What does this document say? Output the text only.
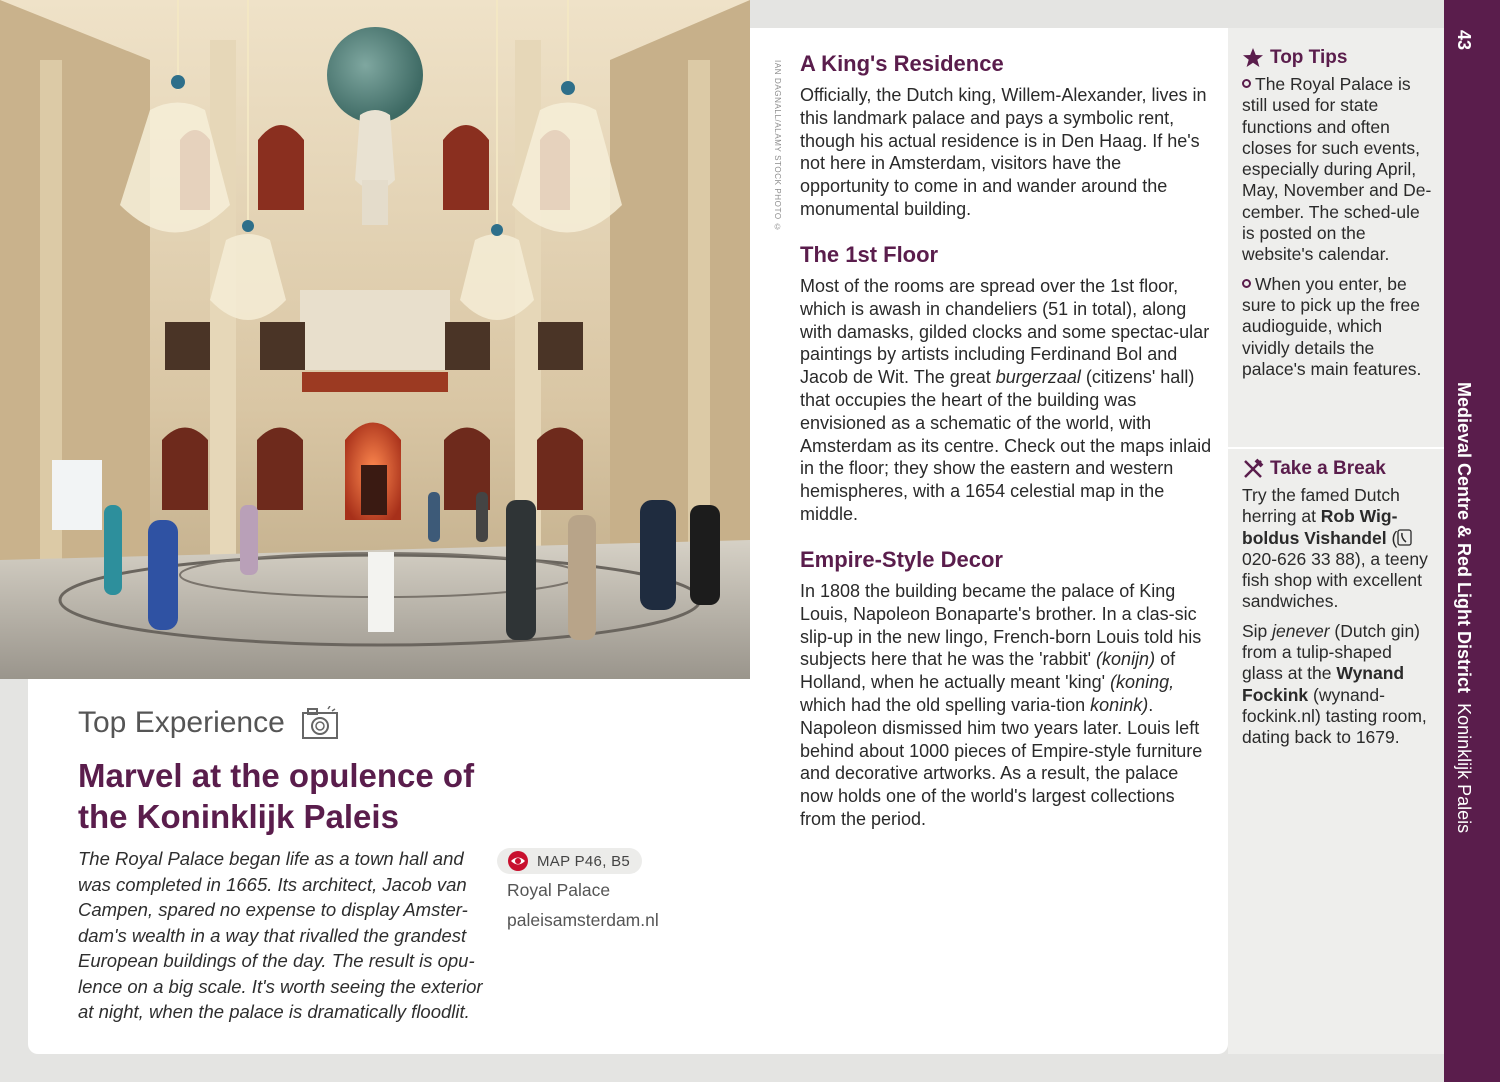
IAN DAGNALL/ALAMY STOCK PHOTO ©
Top Experience
Marvel at the opulence of the Koninklijk Paleis

The Royal Palace began life as a town hall and was completed in 1665. Its architect, Jacob van Campen, spared no expense to display Amster-dam's wealth in a way that rivalled the grandest European buildings of the day. The result is opu-lence on a big scale. It's worth seeing the exterior at night, when the palace is dramatically floodlit.

MAP P46, B5
Royal Palace
paleisamsterdam.nl
A King's Residence

Officially, the Dutch king, Willem-Alexander, lives in this landmark palace and pays a symbolic rent, though his actual residence is in Den Haag. If he's not here in Amsterdam, visitors have the opportunity to come in and wander around the monumental building.

The 1st Floor

Most of the rooms are spread over the 1st floor, which is awash in chandeliers (51 in total), along with damasks, gilded clocks and some spectac-ular paintings by artists including Ferdinand Bol and Jacob de Wit. The great burgerzaal (citizens' hall) that occupies the heart of the building was envisioned as a schematic of the world, with Amsterdam as its centre. Check out the maps inlaid in the floor; they show the eastern and western hemispheres, with a 1654 celestial map in the middle.

Empire-Style Decor

In 1808 the building became the palace of King Louis, Napoleon Bonaparte's brother. In a clas-sic slip-up in the new lingo, French-born Louis told his subjects here that he was the 'rabbit' (konijn) of Holland, when he actually meant 'king' (koning, which had the old spelling varia-tion konink). Napoleon dismissed him two years later. Louis left behind about 1000 pieces of Empire-style furniture and decorative artworks. As a result, the palace now holds one of the world's largest collections from the period.

Top Tips

The Royal Palace is still used for state functions and often closes for such events, especially during April, May, November and De-cember. The sched-ule is posted on the website's calendar.

When you enter, be sure to pick up the free audioguide, which vividly details the palace's main features.

Take a Break

Try the famed Dutch herring at Rob Wig-boldus Vishandel (020-626 33 88), a teeny fish shop with excellent sandwiches.

Sip jenever (Dutch gin) from a tulip-shaped glass at the Wynand Fockink (wynand-fockink.nl) tasting room, dating back to 1679.

43
Medieval Centre & Red Light District  Koninklijk Paleis
